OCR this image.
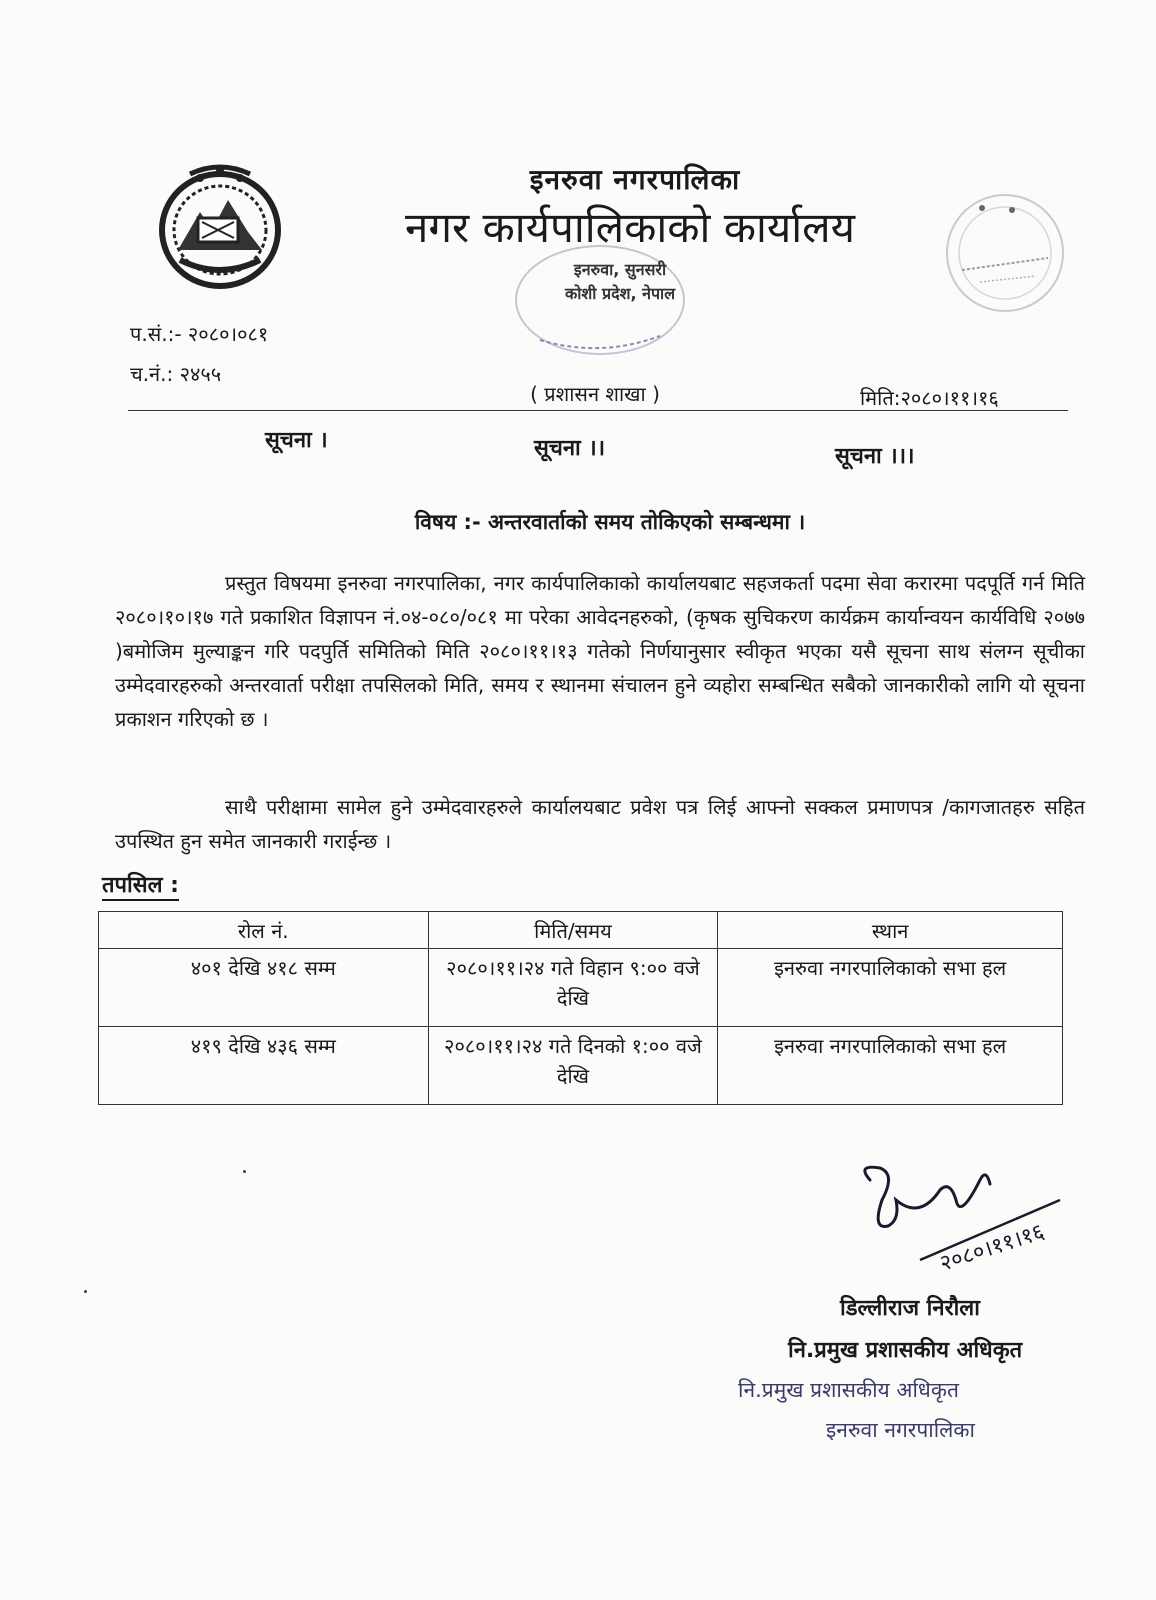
इनरुवा नगरपालिका
नगर कार्यपालिकाको कार्यालय
इनरुवा, सुनसरी
कोशी प्रदेश, नेपाल
प.सं.:- २०८०।०८१
च.नं.: २४५५
( प्रशासन शाखा )	मिति:२०८०।११।१६
सूचना ।	सूचना ।।	सूचना ।।।
विषय :- अन्तरवार्ताको समय तोकिएको सम्बन्धमा ।
प्रस्तुत विषयमा इनरुवा नगरपालिका, नगर कार्यपालिकाको कार्यालयबाट सहजकर्ता पदमा सेवा करारमा पदपूर्ति गर्न मिति २०८०।१०।१७ गते प्रकाशित विज्ञापन नं.०४-०८०/०८१ मा परेका आवेदनहरुको, (कृषक सुचिकरण कार्यक्रम कार्यान्वयन कार्यविधि २०७७ )बमोजिम मुल्याङ्कन गरि पदपुर्ति समितिको मिति २०८०।११।१३ गतेको निर्णयानुसार स्वीकृत भएका यसै सूचना साथ संलग्न सूचीका उम्मेदवारहरुको अन्तरवार्ता परीक्षा तपसिलको मिति, समय र स्थानमा संचालन हुने व्यहोरा सम्बन्धित सबैको जानकारीको लागि यो सूचना प्रकाशन गरिएको छ ।
साथै परीक्षामा सामेल हुने उम्मेदवारहरुले कार्यालयबाट प्रवेश पत्र लिई आफ्नो सक्कल प्रमाणपत्र /कागजातहरु सहित उपस्थित हुन समेत जानकारी गराईन्छ ।
तपसिल :
रोल नं.	मिति/समय	स्थान
४०१ देखि ४१८ सम्म	२०८०।११।२४ गते विहान ९:०० वजे देखि	इनरुवा नगरपालिकाको सभा हल
४१९ देखि ४३६ सम्म	२०८०।११।२४ गते दिनको १:०० वजे देखि	इनरुवा नगरपालिकाको सभा हल
२०८०।११।१६
डिल्लीराज निरौला
नि.प्रमुख प्रशासकीय अधिकृत
नि.प्रमुख प्रशासकीय अधिकृत
इनरुवा नगरपालिका
